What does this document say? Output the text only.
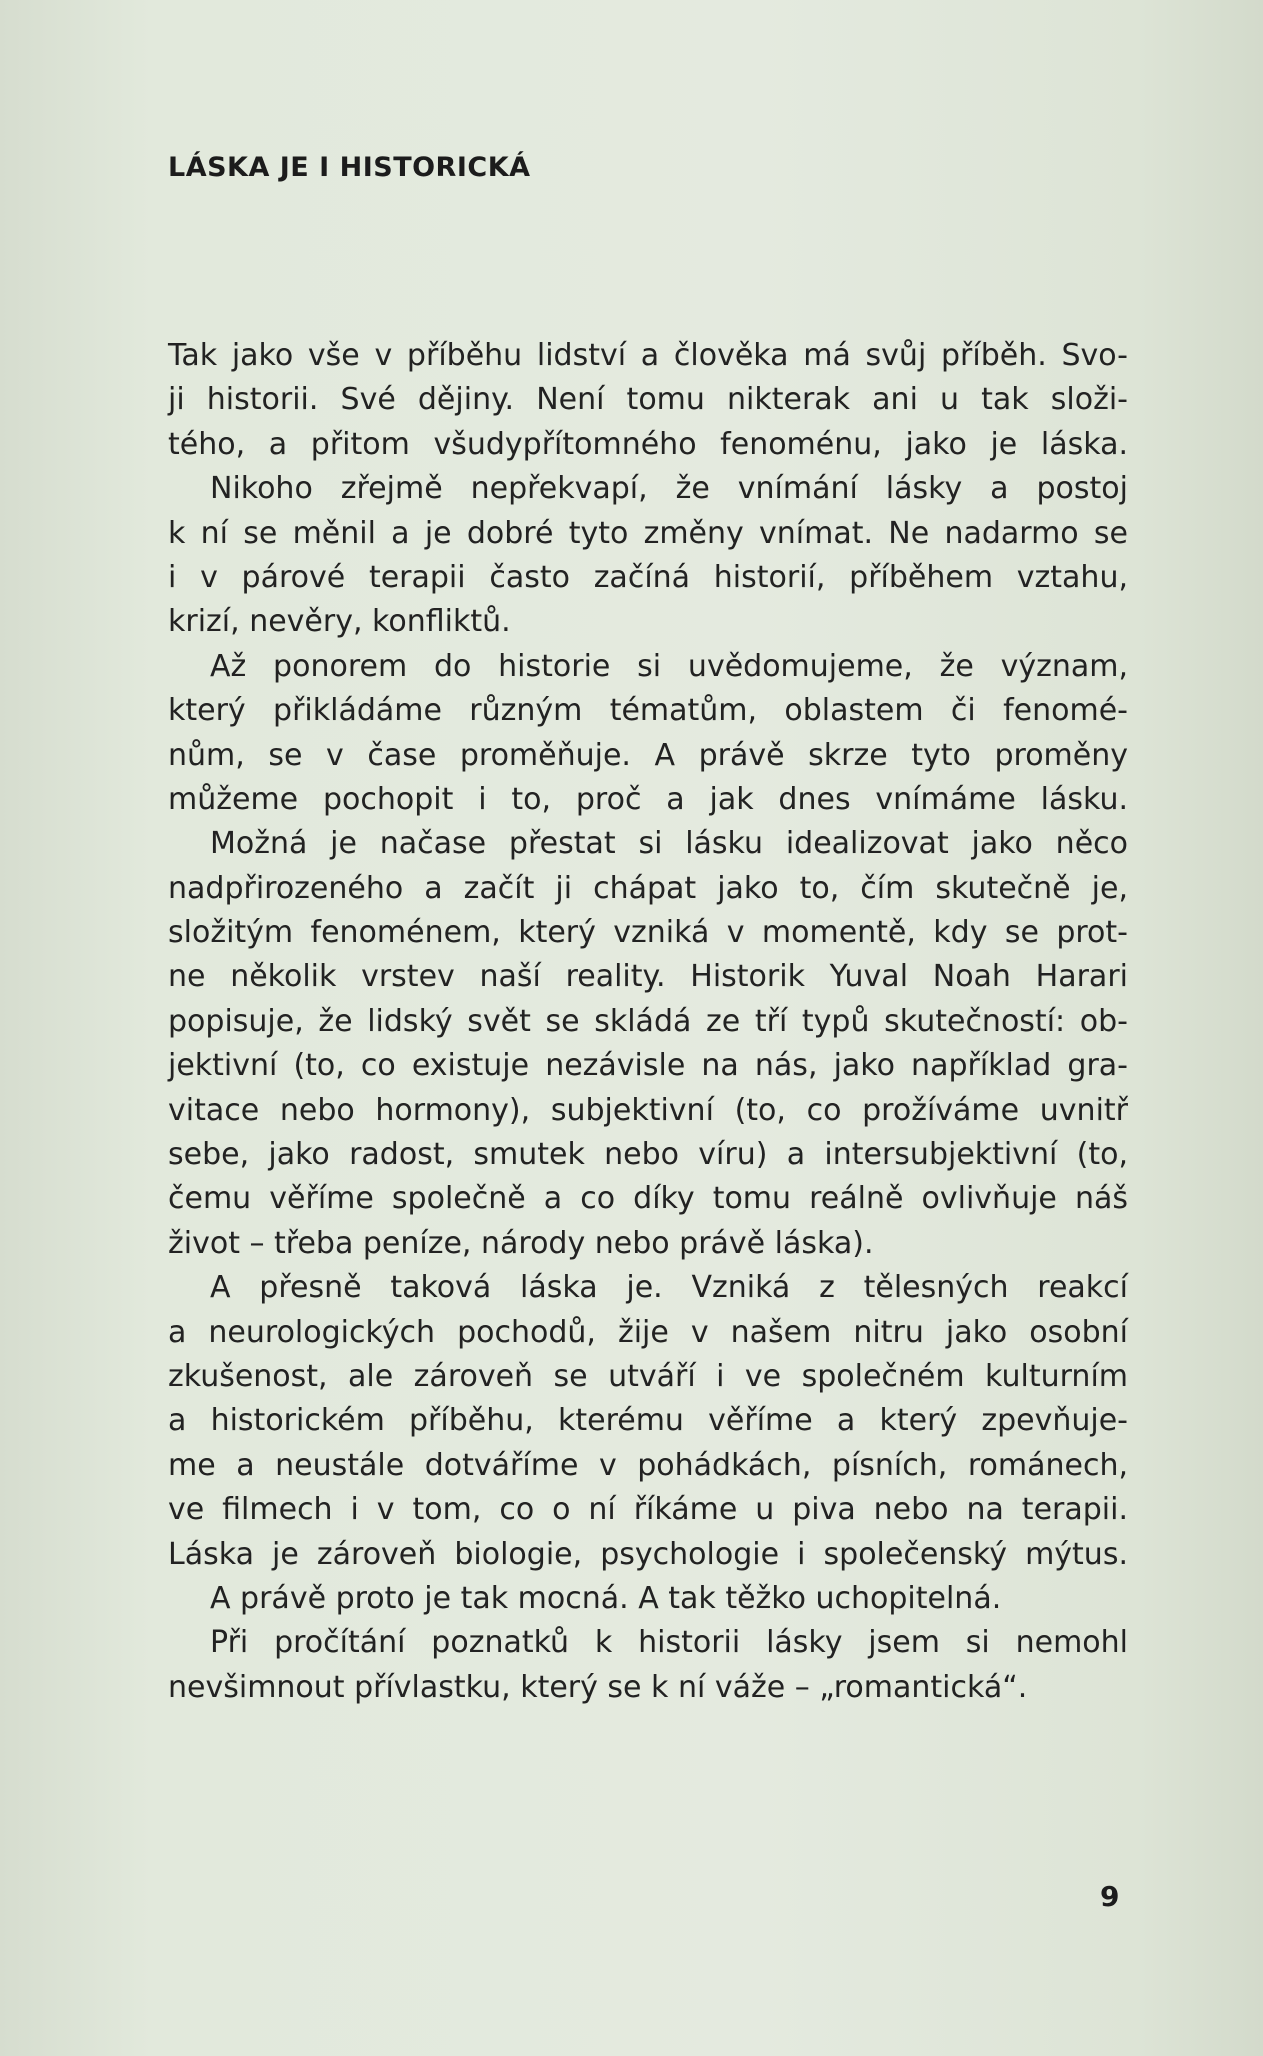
LÁSKA JE I HISTORICKÁ
Tak jako vše v příběhu lidství a člověka má svůj příběh. Svo-
ji historii. Své dějiny. Není tomu nikterak ani u tak složi-
tého, a přitom všudypřítomného fenoménu, jako je láska.
Nikoho zřejmě nepřekvapí, že vnímání lásky a postoj
k ní se měnil a je dobré tyto změny vnímat. Ne nadarmo se
i v párové terapii často začíná historií, příběhem vztahu,
krizí, nevěry, konfliktů.
Až ponorem do historie si uvědomujeme, že význam,
který přikládáme různým tématům, oblastem či fenomé-
nům, se v čase proměňuje. A právě skrze tyto proměny
můžeme pochopit i to, proč a jak dnes vnímáme lásku.
Možná je načase přestat si lásku idealizovat jako něco
nadpřirozeného a začít ji chápat jako to, čím skutečně je,
složitým fenoménem, který vzniká v momentě, kdy se prot-
ne několik vrstev naší reality. Historik Yuval Noah Harari
popisuje, že lidský svět se skládá ze tří typů skutečností: ob-
jektivní (to, co existuje nezávisle na nás, jako například gra-
vitace nebo hormony), subjektivní (to, co prožíváme uvnitř
sebe, jako radost, smutek nebo víru) a intersubjektivní (to,
čemu věříme společně a co díky tomu reálně ovlivňuje náš
život – třeba peníze, národy nebo právě láska).
A přesně taková láska je. Vzniká z tělesných reakcí
a neurologických pochodů, žije v našem nitru jako osobní
zkušenost, ale zároveň se utváří i ve společném kulturním
a historickém příběhu, kterému věříme a který zpevňuje-
me a neustále dotváříme v pohádkách, písních, románech,
ve filmech i v tom, co o ní říkáme u piva nebo na terapii.
Láska je zároveň biologie, psychologie i společenský mýtus.
A právě proto je tak mocná. A tak těžko uchopitelná.
Při pročítání poznatků k historii lásky jsem si nemohl
nevšimnout přívlastku, který se k ní váže – „romantická“.
9
